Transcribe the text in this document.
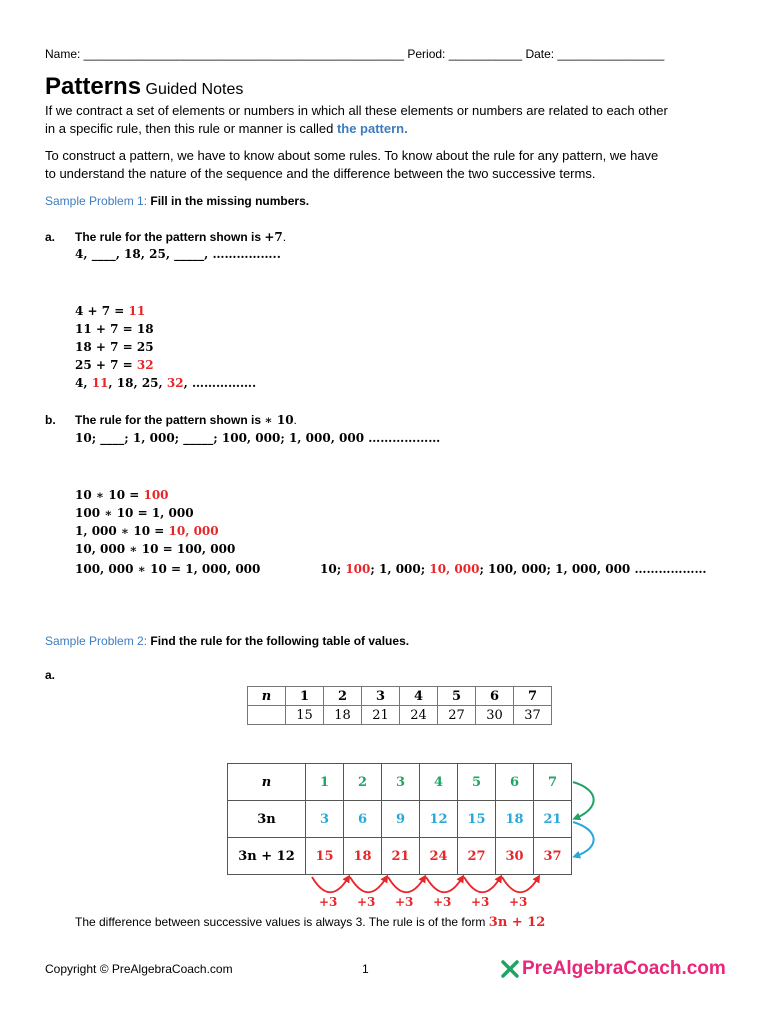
Name: ________________________________________________ Period: ___________ Date: ________________
Patterns Guided Notes
If we contract a set of elements or numbers in which all these elements or numbers are related to each other
in a specific rule, then this rule or manner is called the pattern.
To construct a pattern, we have to know about some rules. To know about the rule for any pattern, we have
to understand the nature of the sequence and the difference between the two successive terms.
Sample Problem 1: Fill in the missing numbers.
a. The rule for the pattern shown is +7.
4, ____, 18, 25, _____, ……………..
4 + 7 = 11
11 + 7 = 18
18 + 7 = 25
25 + 7 = 32
4, 11, 18, 25, 32, …………….
b. The rule for the pattern shown is ∗ 10.
10; ____; 1, 000; _____; 100, 000; 1, 000, 000 ………………
10 ∗ 10 = 100
100 ∗ 10 = 1, 000
1, 000 ∗ 10 = 10, 000
10, 000 ∗ 10 = 100, 000
100, 000 ∗ 10 = 1, 000, 000	10; 100; 1, 000; 10, 000; 100, 000; 1, 000, 000 ………………
Sample Problem 2: Find the rule for the following table of values.
a.
n	1	2	3	4	5	6	7
	15	18	21	24	27	30	37
n	1	2	3	4	5	6	7
3n	3	6	9	12	15	18	21
3n + 12	15	18	21	24	27	30	37
+3 +3 +3 +3 +3 +3
The difference between successive values is always 3. The rule is of the form 3n + 12
Copyright © PreAlgebraCoach.com	1	PreAlgebraCoach.com
